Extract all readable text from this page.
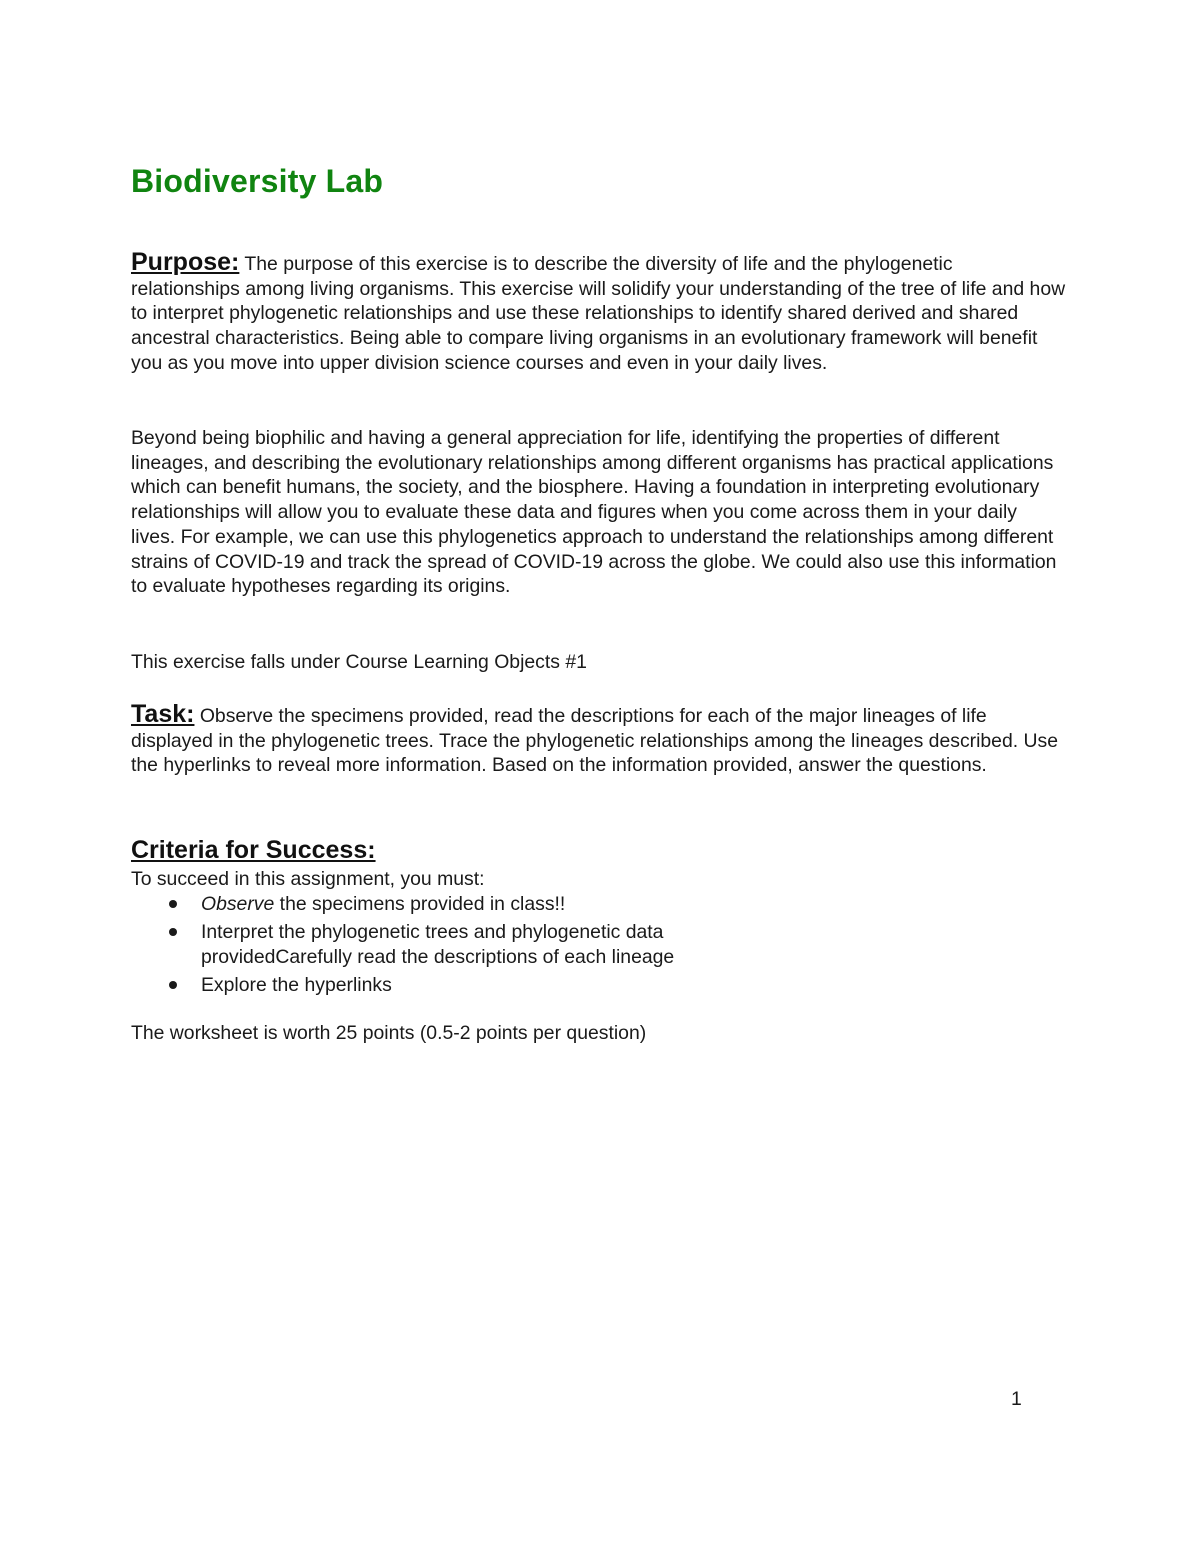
Biodiversity Lab

Purpose: The purpose of this exercise is to describe the diversity of life and the phylogenetic relationships among living organisms. This exercise will solidify your understanding of the tree of life and how to interpret phylogenetic relationships and use these relationships to identify shared derived and shared ancestral characteristics. Being able to compare living organisms in an evolutionary framework will benefit you as you move into upper division science courses and even in your daily lives.

Beyond being biophilic and having a general appreciation for life, identifying the properties of different lineages, and describing the evolutionary relationships among different organisms has practical applications which can benefit humans, the society, and the biosphere. Having a foundation in interpreting evolutionary relationships will allow you to evaluate these data and figures when you come across them in your daily lives. For example, we can use this phylogenetics approach to understand the relationships among different strains of COVID-19 and track the spread of COVID-19 across the globe. We could also use this information to evaluate hypotheses regarding its origins.

This exercise falls under Course Learning Objects #1

Task: Observe the specimens provided, read the descriptions for each of the major lineages of life displayed in the phylogenetic trees. Trace the phylogenetic relationships among the lineages described. Use the hyperlinks to reveal more information. Based on the information provided, answer the questions.

Criteria for Success:

To succeed in this assignment, you must:

Observe the specimens provided in class!!
Interpret the phylogenetic trees and phylogenetic data providedCarefully read the descriptions of each lineage
Explore the hyperlinks

The worksheet is worth 25 points (0.5-2 points per question)

1
